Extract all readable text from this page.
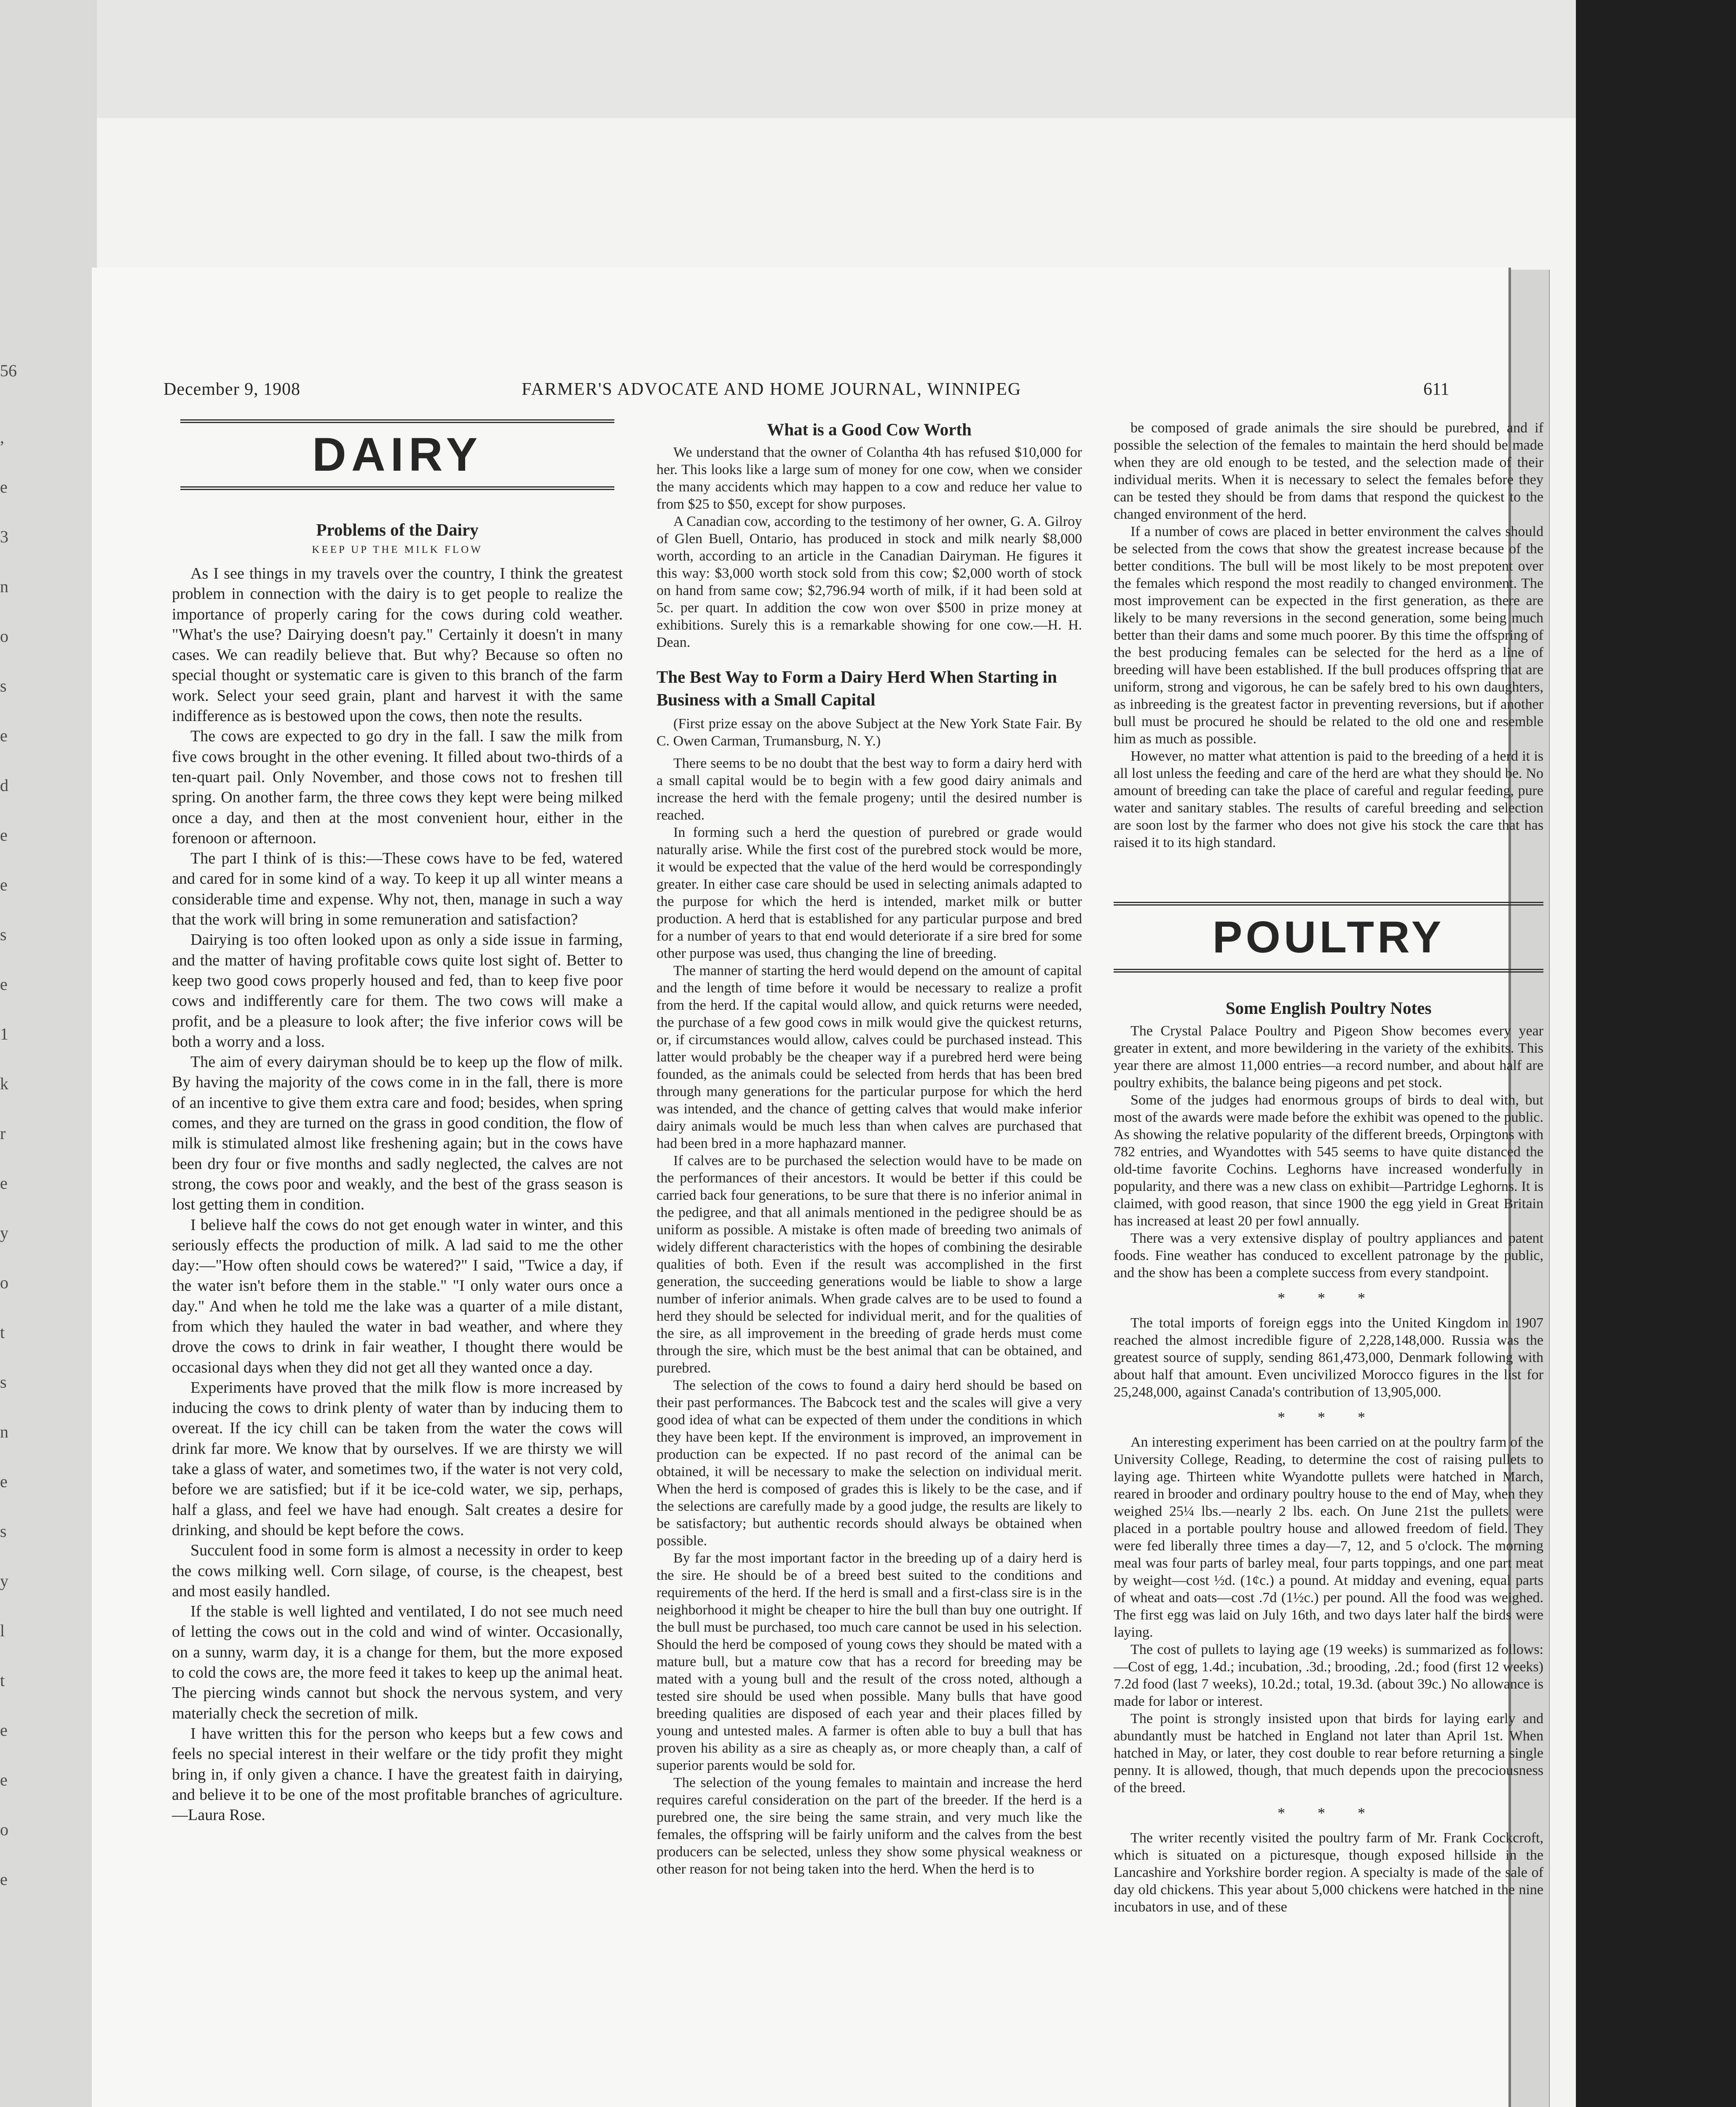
56
,
e
3
n
o
s
e
d
e
e
s
e
1
k
r
e
y
o
t
s
n
e
s
y
l
t
e
e
o
e
December 9, 1908	FARMER'S ADVOCATE AND HOME JOURNAL, WINNIPEG	611
DAIRY
Problems of the Dairy
KEEP UP THE MILK FLOW

As I see things in my travels over the country, I think the greatest problem in connection with the dairy is to get people to realize the importance of properly caring for the cows during cold weather. "What's the use? Dairying doesn't pay." Certainly it doesn't in many cases. We can readily believe that. But why? Because so often no special thought or systematic care is given to this branch of the farm work. Select your seed grain, plant and harvest it with the same indifference as is bestowed upon the cows, then note the results.

The cows are expected to go dry in the fall. I saw the milk from five cows brought in the other evening. It filled about two-thirds of a ten-quart pail. Only November, and those cows not to freshen till spring. On another farm, the three cows they kept were being milked once a day, and then at the most convenient hour, either in the forenoon or afternoon.

The part I think of is this:—These cows have to be fed, watered and cared for in some kind of a way. To keep it up all winter means a considerable time and expense. Why not, then, manage in such a way that the work will bring in some remuneration and satisfaction?

Dairying is too often looked upon as only a side issue in farming, and the matter of having profitable cows quite lost sight of. Better to keep two good cows properly housed and fed, than to keep five poor cows and indifferently care for them. The two cows will make a profit, and be a pleasure to look after; the five inferior cows will be both a worry and a loss.

The aim of every dairyman should be to keep up the flow of milk. By having the majority of the cows come in in the fall, there is more of an incentive to give them extra care and food; besides, when spring comes, and they are turned on the grass in good condition, the flow of milk is stimulated almost like freshening again; but in the cows have been dry four or five months and sadly neglected, the calves are not strong, the cows poor and weakly, and the best of the grass season is lost getting them in condition.

I believe half the cows do not get enough water in winter, and this seriously effects the production of milk. A lad said to me the other day:—"How often should cows be watered?" I said, "Twice a day, if the water isn't before them in the stable." "I only water ours once a day." And when he told me the lake was a quarter of a mile distant, from which they hauled the water in bad weather, and where they drove the cows to drink in fair weather, I thought there would be occasional days when they did not get all they wanted once a day.

Experiments have proved that the milk flow is more increased by inducing the cows to drink plenty of water than by inducing them to overeat. If the icy chill can be taken from the water the cows will drink far more. We know that by ourselves. If we are thirsty we will take a glass of water, and sometimes two, if the water is not very cold, before we are satisfied; but if it be ice-cold water, we sip, perhaps, half a glass, and feel we have had enough. Salt creates a desire for drinking, and should be kept before the cows.

Succulent food in some form is almost a necessity in order to keep the cows milking well. Corn silage, of course, is the cheapest, best and most easily handled.

If the stable is well lighted and ventilated, I do not see much need of letting the cows out in the cold and wind of winter. Occasionally, on a sunny, warm day, it is a change for them, but the more exposed to cold the cows are, the more feed it takes to keep up the animal heat. The piercing winds cannot but shock the nervous system, and very materially check the secretion of milk.

I have written this for the person who keeps but a few cows and feels no special interest in their welfare or the tidy profit they might bring in, if only given a chance. I have the greatest faith in dairying, and believe it to be one of the most profitable branches of agriculture.—Laura Rose.

What is a Good Cow Worth

We understand that the owner of Colantha 4th has refused $10,000 for her. This looks like a large sum of money for one cow, when we consider the many accidents which may happen to a cow and reduce her value to from $25 to $50, except for show purposes.

A Canadian cow, according to the testimony of her owner, G. A. Gilroy of Glen Buell, Ontario, has produced in stock and milk nearly $8,000 worth, according to an article in the Canadian Dairyman. He figures it this way: $3,000 worth stock sold from this cow; $2,000 worth of stock on hand from same cow; $2,796.94 worth of milk, if it had been sold at 5c. per quart. In addition the cow won over $500 in prize money at exhibitions. Surely this is a remarkable showing for one cow.—H. H. Dean.

The Best Way to Form a Dairy Herd When Starting in Business with a Small Capital
(First prize essay on the above Subject at the New York State Fair. By C. Owen Carman, Trumansburg, N. Y.)

There seems to be no doubt that the best way to form a dairy herd with a small capital would be to begin with a few good dairy animals and increase the herd with the female progeny; until the desired number is reached.

In forming such a herd the question of purebred or grade would naturally arise. While the first cost of the purebred stock would be more, it would be expected that the value of the herd would be correspondingly greater. In either case care should be used in selecting animals adapted to the purpose for which the herd is intended, market milk or butter production. A herd that is established for any particular purpose and bred for a number of years to that end would deteriorate if a sire bred for some other purpose was used, thus changing the line of breeding.

The manner of starting the herd would depend on the amount of capital and the length of time before it would be necessary to realize a profit from the herd. If the capital would allow, and quick returns were needed, the purchase of a few good cows in milk would give the quickest returns, or, if circumstances would allow, calves could be purchased instead. This latter would probably be the cheaper way if a purebred herd were being founded, as the animals could be selected from herds that has been bred through many generations for the particular purpose for which the herd was intended, and the chance of getting calves that would make inferior dairy animals would be much less than when calves are purchased that had been bred in a more haphazard manner.

If calves are to be purchased the selection would have to be made on the performances of their ancestors. It would be better if this could be carried back four generations, to be sure that there is no inferior animal in the pedigree, and that all animals mentioned in the pedigree should be as uniform as possible. A mistake is often made of breeding two animals of widely different characteristics with the hopes of combining the desirable qualities of both. Even if the result was accomplished in the first generation, the succeeding generations would be liable to show a large number of inferior animals. When grade calves are to be used to found a herd they should be selected for individual merit, and for the qualities of the sire, as all improvement in the breeding of grade herds must come through the sire, which must be the best animal that can be obtained, and purebred.

The selection of the cows to found a dairy herd should be based on their past performances. The Babcock test and the scales will give a very good idea of what can be expected of them under the conditions in which they have been kept. If the environment is improved, an improvement in production can be expected. If no past record of the animal can be obtained, it will be necessary to make the selection on individual merit. When the herd is composed of grades this is likely to be the case, and if the selections are carefully made by a good judge, the results are likely to be satisfactory; but authentic records should always be obtained when possible.

By far the most important factor in the breeding up of a dairy herd is the sire. He should be of a breed best suited to the conditions and requirements of the herd. If the herd is small and a first-class sire is in the neighborhood it might be cheaper to hire the bull than buy one outright. If the bull must be purchased, too much care cannot be used in his selection. Should the herd be composed of young cows they should be mated with a mature bull, but a mature cow that has a record for breeding may be mated with a young bull and the result of the cross noted, although a tested sire should be used when possible. Many bulls that have good breeding qualities are disposed of each year and their places filled by young and untested males. A farmer is often able to buy a bull that has proven his ability as a sire as cheaply as, or more cheaply than, a calf of superior parents would be sold for.

The selection of the young females to maintain and increase the herd requires careful consideration on the part of the breeder. If the herd is a purebred one, the sire being the same strain, and very much like the females, the offspring will be fairly uniform and the calves from the best producers can be selected, unless they show some physical weakness or other reason for not being taken into the herd. When the herd is to

be composed of grade animals the sire should be purebred, and if possible the selection of the females to maintain the herd should be made when they are old enough to be tested, and the selection made of their individual merits. When it is necessary to select the females before they can be tested they should be from dams that respond the quickest to the changed environment of the herd.

If a number of cows are placed in better environment the calves should be selected from the cows that show the greatest increase because of the better conditions. The bull will be most likely to be most prepotent over the females which respond the most readily to changed environment. The most improvement can be expected in the first generation, as there are likely to be many reversions in the second generation, some being much better than their dams and some much poorer. By this time the offspring of the best producing females can be selected for the herd as a line of breeding will have been established. If the bull produces offspring that are uniform, strong and vigorous, he can be safely bred to his own daughters, as inbreeding is the greatest factor in preventing reversions, but if another bull must be procured he should be related to the old one and resemble him as much as possible.

However, no matter what attention is paid to the breeding of a herd it is all lost unless the feeding and care of the herd are what they should be. No amount of breeding can take the place of careful and regular feeding, pure water and sanitary stables. The results of careful breeding and selection are soon lost by the farmer who does not give his stock the care that has raised it to its high standard.

POULTRY
Some English Poultry Notes

The Crystal Palace Poultry and Pigeon Show becomes every year greater in extent, and more bewildering in the variety of the exhibits. This year there are almost 11,000 entries—a record number, and about half are poultry exhibits, the balance being pigeons and pet stock.

Some of the judges had enormous groups of birds to deal with, but most of the awards were made before the exhibit was opened to the public. As showing the relative popularity of the different breeds, Orpingtons with 782 entries, and Wyandottes with 545 seems to have quite distanced the old-time favorite Cochins. Leghorns have increased wonderfully in popularity, and there was a new class on exhibit—Partridge Leghorns. It is claimed, with good reason, that since 1900 the egg yield in Great Britain has increased at least 20 per fowl annually.

There was a very extensive display of poultry appliances and patent foods. Fine weather has conduced to excellent patronage by the public, and the show has been a complete success from every standpoint.

* * *

The total imports of foreign eggs into the United Kingdom in 1907 reached the almost incredible figure of 2,228,148,000. Russia was the greatest source of supply, sending 861,473,000, Denmark following with about half that amount. Even uncivilized Morocco figures in the list for 25,248,000, against Canada's contribution of 13,905,000.

* * *

An interesting experiment has been carried on at the poultry farm of the University College, Reading, to determine the cost of raising pullets to laying age. Thirteen white Wyandotte pullets were hatched in March, reared in brooder and ordinary poultry house to the end of May, when they weighed 25¼ lbs.—nearly 2 lbs. each. On June 21st the pullets were placed in a portable poultry house and allowed freedom of field. They were fed liberally three times a day—7, 12, and 5 o'clock. The morning meal was four parts of barley meal, four parts toppings, and one part meat by weight—cost ½d. (1¢c.) a pound. At midday and evening, equal parts of wheat and oats—cost .7d (1½c.) per pound. All the food was weighed. The first egg was laid on July 16th, and two days later half the birds were laying.

The cost of pullets to laying age (19 weeks) is summarized as follows:—Cost of egg, 1.4d.; incubation, .3d.; brooding, .2d.; food (first 12 weeks) 7.2d food (last 7 weeks), 10.2d.; total, 19.3d. (about 39c.) No allowance is made for labor or interest.

The point is strongly insisted upon that birds for laying early and abundantly must be hatched in England not later than April 1st. When hatched in May, or later, they cost double to rear before returning a single penny. It is allowed, though, that much depends upon the precociousness of the breed.

* * *

The writer recently visited the poultry farm of Mr. Frank Cockcroft, which is situated on a picturesque, though exposed hillside in the Lancashire and Yorkshire border region. A specialty is made of the sale of day old chickens. This year about 5,000 chickens were hatched in the nine incubators in use, and of these
